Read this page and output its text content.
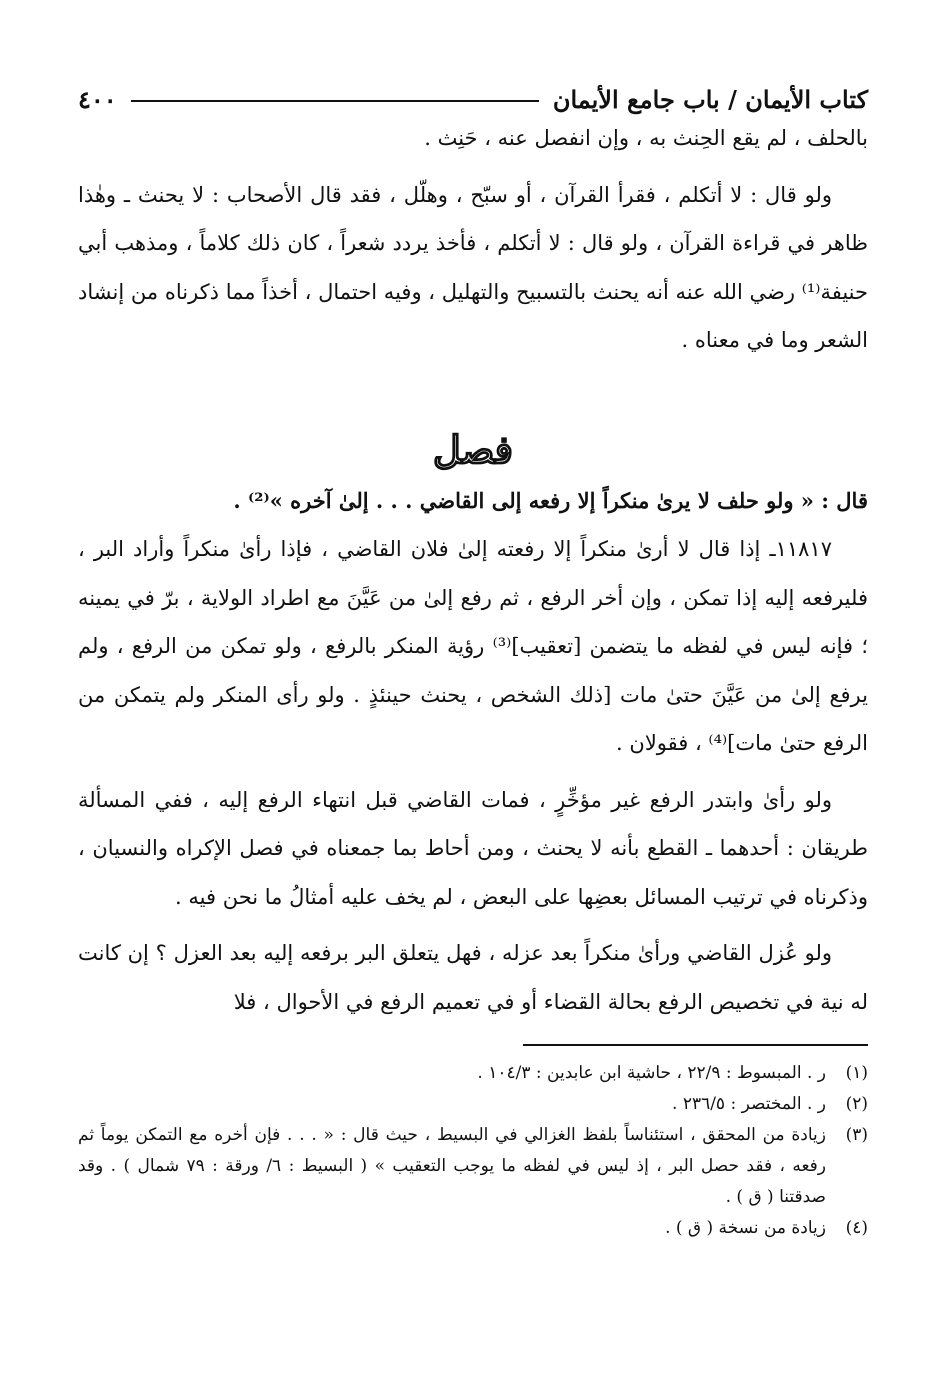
كتاب الأيمان / باب جامع الأيمان
٤٠٠

بالحلف ، لم يقع الحِنث به ، وإن انفصل عنه ، حَنِث .

ولو قال : لا أتكلم ، فقرأ القرآن ، أو سبّح ، وهلّل ، فقد قال الأصحاب : لا يحنث ـ وهٰذا ظاهر في قراءة القرآن ، ولو قال : لا أتكلم ، فأخذ يردد شعراً ، كان ذلك كلاماً ، ومذهب أبي حنيفة⁽¹⁾ رضي الله عنه أنه يحنث بالتسبيح والتهليل ، وفيه احتمال ، أخذاً مما ذكرناه من إنشاد الشعر وما في معناه .

فصل

قال : « ولو حلف لا يرىٰ منكراً إلا رفعه إلى القاضي . . . إلىٰ آخره »⁽²⁾ .

١١٨١٧ـ إذا قال لا أرىٰ منكراً إلا رفعته إلىٰ فلان القاضي ، فإذا رأىٰ منكراً وأراد البر ، فليرفعه إليه إذا تمكن ، وإن أخر الرفع ، ثم رفع إلىٰ من عَيَّنَ مع اطراد الولاية ، برّ في يمينه ؛ فإنه ليس في لفظه ما يتضمن [تعقيب]⁽³⁾ رؤية المنكر بالرفع ، ولو تمكن من الرفع ، ولم يرفع إلىٰ من عَيَّنَ حتىٰ مات [ذلك الشخص ، يحنث حينئذٍ . ولو رأى المنكر ولم يتمكن من الرفع حتىٰ مات]⁽⁴⁾ ، فقولان .

ولو رأىٰ وابتدر الرفع غير مؤخِّرٍ ، فمات القاضي قبل انتهاء الرفع إليه ، ففي المسألة طريقان : أحدهما ـ القطع بأنه لا يحنث ، ومن أحاط بما جمعناه في فصل الإكراه والنسيان ، وذكرناه في ترتيب المسائل بعضِها على البعض ، لم يخف عليه أمثالُ ما نحن فيه .

ولو عُزل القاضي ورأىٰ منكراً بعد عزله ، فهل يتعلق البر برفعه إليه بعد العزل ؟ إن كانت له نية في تخصيص الرفع بحالة القضاء أو في تعميم الرفع في الأحوال ، فلا

(١)
ر . المبسوط : ٢٢/٩ ، حاشية ابن عابدين : ١٠٤/٣ .
(٢)
ر . المختصر : ٢٣٦/٥ .
(٣)
زيادة من المحقق ، استئناساً بلفظ الغزالي في البسيط ، حيث قال : « . . . فإن أخره مع التمكن يوماً ثم رفعه ، فقد حصل البر ، إذ ليس في لفظه ما يوجب التعقيب » ( البسيط : ٦/ ورقة : ٧٩ شمال ) . وقد صدقتنا ( ق ) .
(٤)
زيادة من نسخة ( ق ) .
